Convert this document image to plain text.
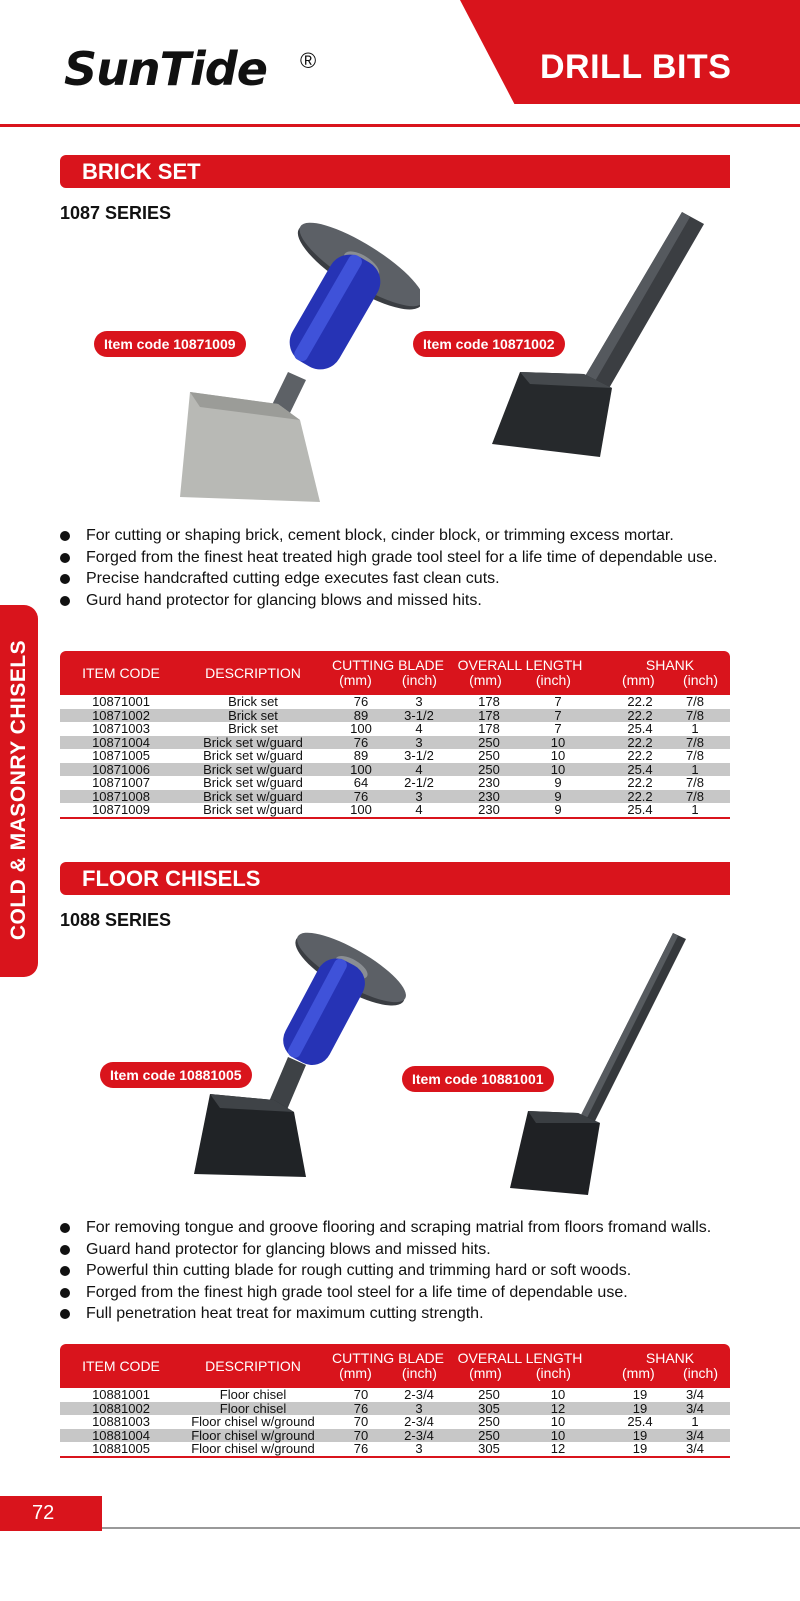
SunTide ®	DRILL BITS
COLD & MASONRY CHISELS
BRICK SET
1087 SERIES
Item code 10871009	Item code 10871002
For cutting or shaping brick, cement block, cinder block, or trimming excess mortar.
Forged from the finest heat treated high grade tool steel for a life time of dependable use.
Precise handcrafted cutting edge executes fast clean cuts.
Gurd hand protector for glancing blows and missed hits.
ITEM CODE	DESCRIPTION	CUTTING BLADE
(mm) (inch)
OVERALL LENGTH
(mm) (inch)
SHANK
(mm) (inch)
10871001	Brick set	76	3	178	7	22.2	7/8
10871002	Brick set	89	3-1/2	178	7	22.2	7/8
10871003	Brick set	100	4	178	7	25.4	1
10871004	Brick set w/guard	76	3	250	10	22.2	7/8
10871005	Brick set w/guard	89	3-1/2	250	10	22.2	7/8
10871006	Brick set w/guard	100	4	250	10	25.4	1
10871007	Brick set w/guard	64	2-1/2	230	9	22.2	7/8
10871008	Brick set w/guard	76	3	230	9	22.2	7/8
10871009	Brick set w/guard	100	4	230	9	25.4	1
FLOOR CHISELS
1088 SERIES
Item code 10881005	Item code 10881001
For removing tongue and groove flooring and scraping matrial from floors fromand walls.
Guard hand protector for glancing blows and missed hits.
Powerful thin cutting blade for rough cutting and trimming hard or soft woods.
Forged from the finest high grade tool steel for a life time of dependable use.
Full penetration heat treat for maximum cutting strength.
ITEM CODE	DESCRIPTION	CUTTING BLADE
(mm) (inch)
OVERALL LENGTH
(mm) (inch)
SHANK
(mm) (inch)
10881001	Floor chisel	70	2-3/4	250	10	19	3/4
10881002	Floor chisel	76	3	305	12	19	3/4
10881003	Floor chisel w/ground	70	2-3/4	250	10	25.4	1
10881004	Floor chisel w/ground	70	2-3/4	250	10	19	3/4
10881005	Floor chisel w/ground	76	3	305	12	19	3/4
72
